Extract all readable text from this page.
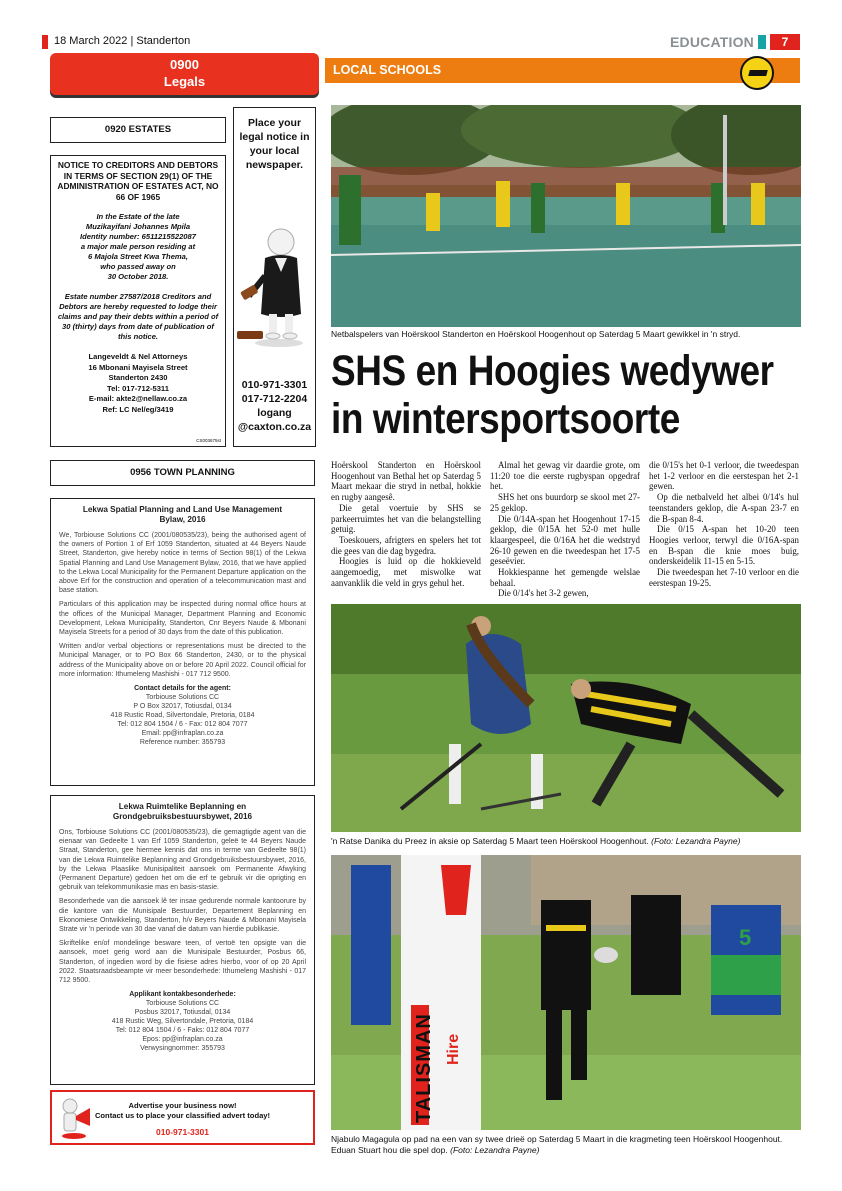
18 March 2022 | Standerton	EDUCATION	7
0900
Legals
0920 ESTATES
NOTICE TO CREDITORS AND DEBTORS IN TERMS OF SECTION 29(1) OF THE ADMINISTRATION OF ESTATES ACT, NO 66 OF 1965
In the Estate of the late
Muzikayifani Johannes Mpila
Identity number: 6511215522087
a major male person residing at
6 Majola Street Kwa Thema,
who passed away on
30 October 2018.
Estate number 27587/2018 Creditors and Debtors are hereby requested to lodge their claims and pay their debts within a period of 30 (thirty) days from date of publication of this notice.
Langeveldt & Nel Attorneys
16 Mbonani Mayisela Street
Standerton 2430
Tel: 017-712-5311
E-mail: akte2@nellaw.co.za
Ref: LC Nel/eg/3419
CS003675st
Place your
legal notice in
your local
newspaper.
010-971-3301
017-712-2204
logang
@caxton.co.za
0956 TOWN PLANNING
Lekwa Spatial Planning and Land Use Management
Bylaw, 2016
We, Torbiouse Solutions CC (2001/080535/23), being the authorised agent of the owners of Portion 1 of Erf 1059 Standerton, situated at 44 Beyers Naude Street, Standerton, give hereby notice in terms of Section 98(1) of the Lekwa Spatial Planning and Land Use Management Bylaw, 2016, that we have applied to the Lekwa Local Municipality for the Permanent Departure application on the above Erf for the construction and operation of a telecommunication mast and base station.
Particulars of this application may be inspected during normal office hours at the offices of the Municipal Manager, Department Planning and Economic Development, Lekwa Municipality, Standerton, Cnr Beyers Naude & Mbonani Mayisela Streets for a period of 30 days from the date of this publication.
Written and/or verbal objections or representations must be directed to the Municipal Manager, or to PO Box 66 Standerton, 2430, or to the physical address of the Municipality above on or before 20 April 2022. Council official for more information: Ithumeleng Mashishi - 017 712 9500.
Contact details for the agent:
Torbiouse Solutions CC
P O Box 32017, Totiusdal, 0134
418 Rustic Road, Silvertondale, Pretoria, 0184
Tel: 012 804 1504 / 6 - Fax: 012 804 7077
Email: pp@infraplan.co.za
Reference number: 355793
Lekwa Ruimtelike Beplanning en
Grondgebruiksbestuursbywet, 2016
Ons, Torbiouse Solutions CC (2001/080535/23), die gemagtigde agent van die eienaar van Gedeelte 1 van Erf 1059 Standerton, geleë te 44 Beyers Naude Straat, Standerton, gee hiermee kennis dat ons in terme van Gedeelte 98(1) van die Lekwa Ruimtelike Beplanning and Grondgebruiksbestuursbywet, 2016, by the Lekwa Plaaslike Munisipaliteit aansoek om Permanente Afwyking (Permanent Departure) gedoen het om die erf te gebruik vir die oprigting en gebruik van telekommunikasie mas en basis-stasie.
Besonderhede van die aansoek lê ter insae gedurende normale kantoorure by die kantore van die Munisipale Bestuurder, Departement Beplanning en Ekonomiese Ontwikkeling, Standerton, h/v Beyers Naude & Mbonani Mayisela Strate vir 'n periode van 30 dae vanaf die datum van hierdie publikasie.
Skriftelike en/of mondelinge besware teen, of vertoë ten opsigte van die aansoek, moet gerig word aan die Munisipale Bestuurder, Posbus 66, Standerton, of ingedien word by die fisiese adres hierbo, voor of op 20 April 2022. Staatsraadsbeampte vir meer besonderhede: Ithumeleng Mashishi - 017 712 9500.
Applikant kontakbesonderhede:
Torbiouse Solutions CC
Posbus 32017, Totiusdal, 0134
418 Rustic Weg, Silvertondale, Pretoria, 0184
Tel: 012 804 1504 / 6 - Faks: 012 804 7077
Epos: pp@infraplan.co.za
Verwysingnommer: 355793
Advertise your business now!
Contact us to place your classified advert today!
010-971-3301
LOCAL SCHOOLS
Netbalspelers van Hoërskool Standerton en Hoërskool Hoogenhout op Saterdag 5 Maart gewikkel in 'n stryd.
SHS en Hoogies wedywer
in wintersportsoorte

Hoërskool Standerton en Hoërskool Hoogenhout van Bethal het op Saterdag 5 Maart mekaar die stryd in netbal, hokkie en rugby aangesê.

Die getal voertuie by SHS se parkeerruimtes het van die belangstelling getuig.

Toeskouers, afrigters en spelers het tot die gees van die dag bygedra.

Hoogies is luid op die hokkieveld aangemoedig, met miswolke wat aanvanklik die veld in grys gehul het.

Almal het gewag vir daardie grote, om 11:20 toe die eerste rugbyspan opgedraf het.

SHS het ons buurdorp se skool met 27-25 geklop.

Die 0/14A-span het Hoogenhout 17-15 geklop, die 0/15A het 52-0 met hulle klaargespeel, die 0/16A het die wedstryd 26-10 gewen en die tweedespan het 17-5 geseëvier.

Hokkiespanne het gemengde welslae behaal.

Die 0/14's het 3-2 gewen,

die 0/15's het 0-1 verloor, die tweedespan het 1-2 verloor en die eerstespan het 2-1 gewen.

Op die netbalveld het albei 0/14's hul teenstanders geklop, die A-span 23-7 en die B-span 8-4.

Die 0/15 A-span het 10-20 teen Hoogies verloor, terwyl die 0/16A-span en B-span die knie moes buig, onderskeidelik 11-15 en 5-15.

Die tweedespan het 7-10 verloor en die eerstespan 19-25.

'n Ratse Danika du Preez in aksie op Saterdag 5 Maart teen Hoërskool Hoogenhout. (Foto: Lezandra Payne)
TALISMAN Hire
5
Njabulo Magagula op pad na een van sy twee drieë op Saterdag 5 Maart in die kragmeting teen Hoërskool Hoogenhout. Eduan Stuart hou die spel dop. (Foto: Lezandra Payne)
